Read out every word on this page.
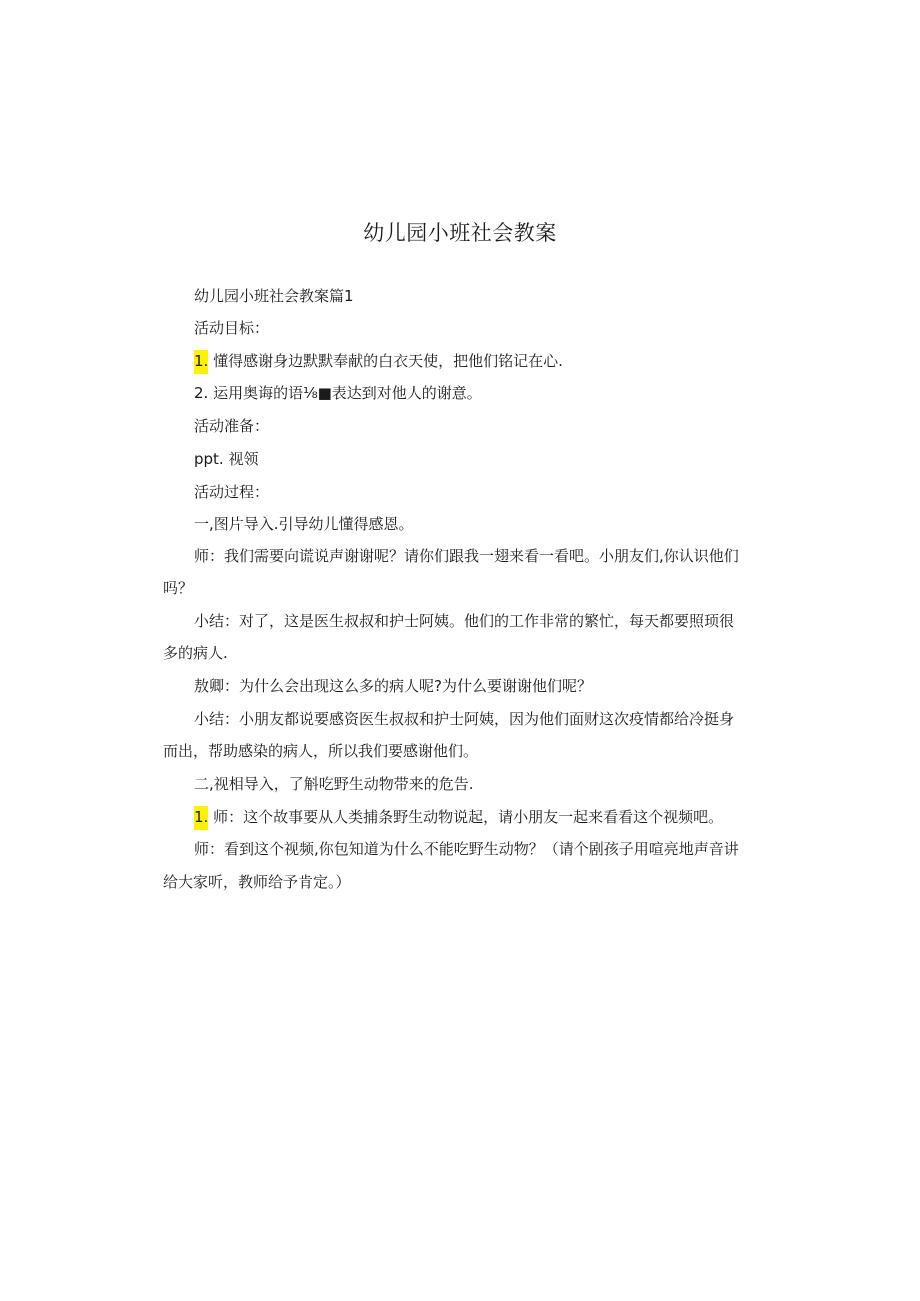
幼儿园小班社会教案
幼儿园小班社会教案篇1
活动目标：
1. 懂得感谢身边默默奉献的白衣天使，把他们铭记在心.
2. 运用奥诲的语⅛■表达到对他人的谢意。
活动准备：
ppt. 视领
活动过程：
一,图片导入.引导幼儿懂得感恩。
师：我们需要向谎说声谢谢呢？请你们跟我一翅来看一看吧。小朋友们,你认识他们
吗？
小结：对了，这是医生叔叔和护士阿姨。他们的工作非常的繁忙，每天都要照顼很
多的病人.
敖卿：为什么会出现这么多的病人呢?为什么要谢谢他们呢？
小结：小朋友都说要感资医生叔叔和护士阿姨，因为他们面财这次疫情都给冷挺身
而出，帮助感染的病人，所以我们要感谢他们。
二,视相导入，了斛吃野生动物带来的危告.
1. 师：这个故事要从人类捕条野生动物说起，请小朋友一起来看看这个视频吧。
师：看到这个视频,你包知道为什么不能吃野生动物？（请个剧孩子用喧亮地声音讲
给大家听，教师给予肯定。）
